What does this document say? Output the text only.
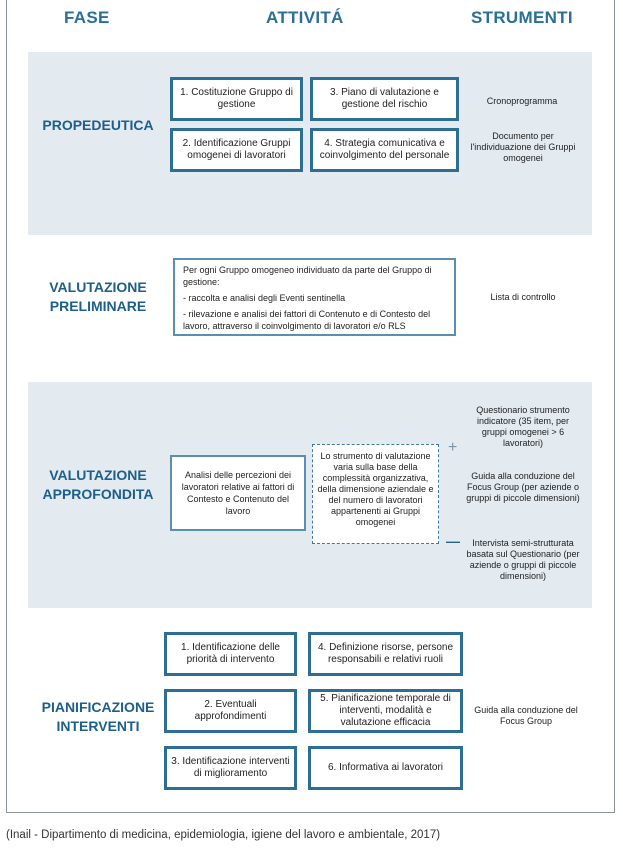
FASE	ATTIVITÁ	STRUMENTI
PROPEDEUTICA
1. Costituzione Gruppo di gestione
2. Identificazione Gruppi omogenei di lavoratori
3. Piano di valutazione e gestione del rischio
4. Strategia comunicativa e coinvolgimento del personale
Cronoprogramma
Documento per l'individuazione dei Gruppi omogenei
VALUTAZIONE
PRELIMINARE
Per ogni Gruppo omogeneo individuato da parte del Gruppo di gestione:
- raccolta e analisi degli Eventi sentinella
- rilevazione e analisi dei fattori di Contenuto e di Contesto del lavoro, attraverso il coinvolgimento di lavoratori e/o RLS
Lista di controllo
VALUTAZIONE
APPROFONDITA
Analisi delle percezioni dei lavoratori relative ai fattori di Contesto e Contenuto del lavoro
Lo strumento di valutazione varia sulla base della complessità organizzativa, della dimensione aziendale e del numero di lavoratori appartenenti ai Gruppi omogenei
+
—
Questionario strumento indicatore (35 item, per gruppi omogenei > 6 lavoratori)
Guida alla conduzione del Focus Group (per aziende o gruppi di piccole dimensioni)
Intervista semi-strutturata basata sul Questionario (per aziende o gruppi di piccole dimensioni)
PIANIFICAZIONE
INTERVENTI
1. Identificazione delle priorità di intervento
2. Eventuali approfondimenti
3. Identificazione interventi di miglioramento
4. Definizione risorse, persone responsabili e relativi ruoli
5. Pianificazione temporale di interventi, modalità e valutazione efficacia
6. Informativa ai lavoratori
Guida alla conduzione del Focus Group
(Inail - Dipartimento di medicina, epidemiologia, igiene del lavoro e ambientale, 2017)
